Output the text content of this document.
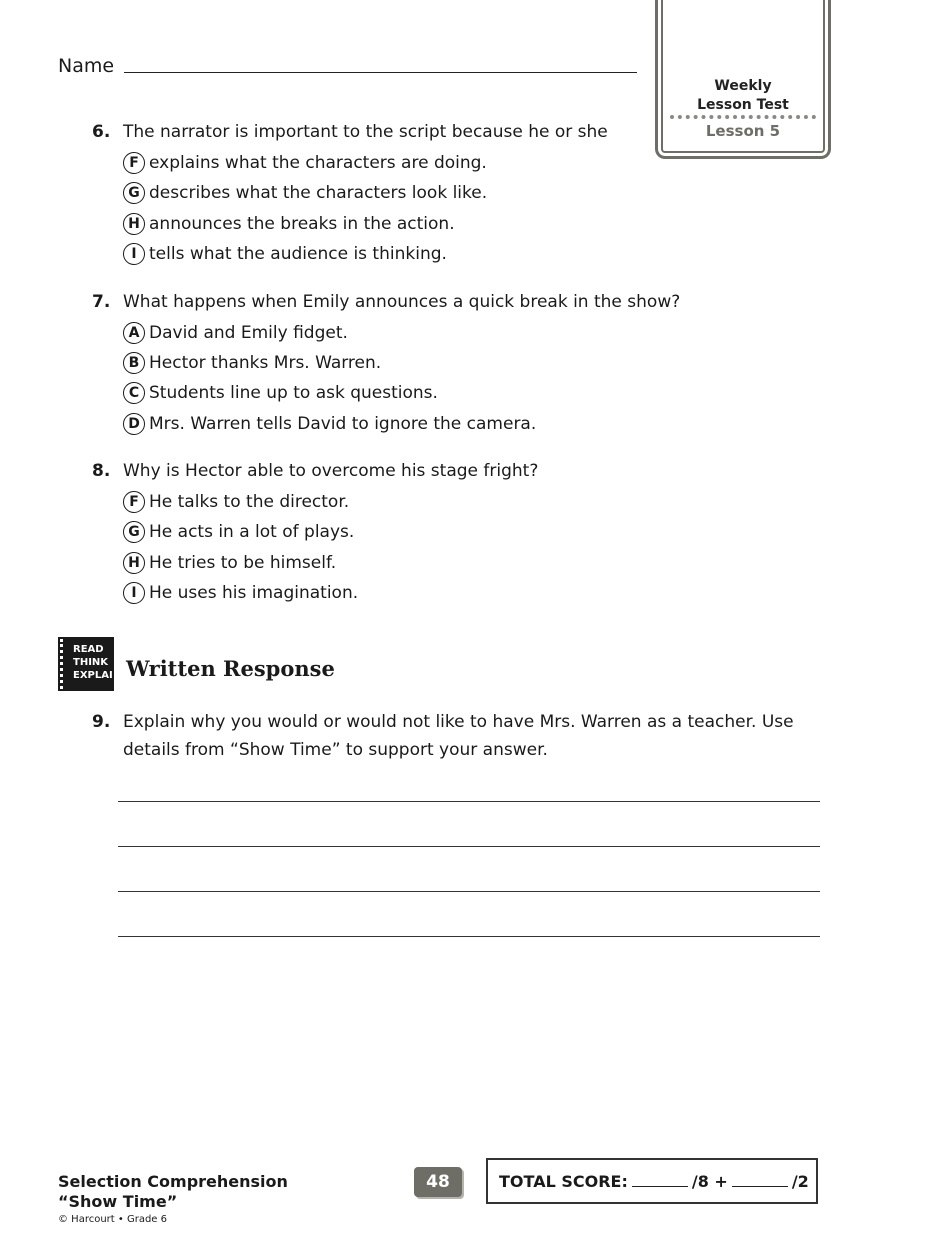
Name
Weekly
Lesson Test
Lesson 5
6. The narrator is important to the script because he or she
F explains what the characters are doing.
G describes what the characters look like.
H announces the breaks in the action.
I tells what the audience is thinking.
7. What happens when Emily announces a quick break in the show?
A David and Emily fidget.
B Hector thanks Mrs. Warren.
C Students line up to ask questions.
D Mrs. Warren tells David to ignore the camera.
8. Why is Hector able to overcome his stage fright?
F He talks to the director.
G He acts in a lot of plays.
H He tries to be himself.
I He uses his imagination.
READ
THINK
EXPLAIN Written Response
9. Explain why you would or would not like to have Mrs. Warren as a teacher. Use
details from “Show Time” to support your answer.
Selection Comprehension
“Show Time”
© Harcourt • Grade 6
48	TOTAL SCORE:	/8 +	/2
